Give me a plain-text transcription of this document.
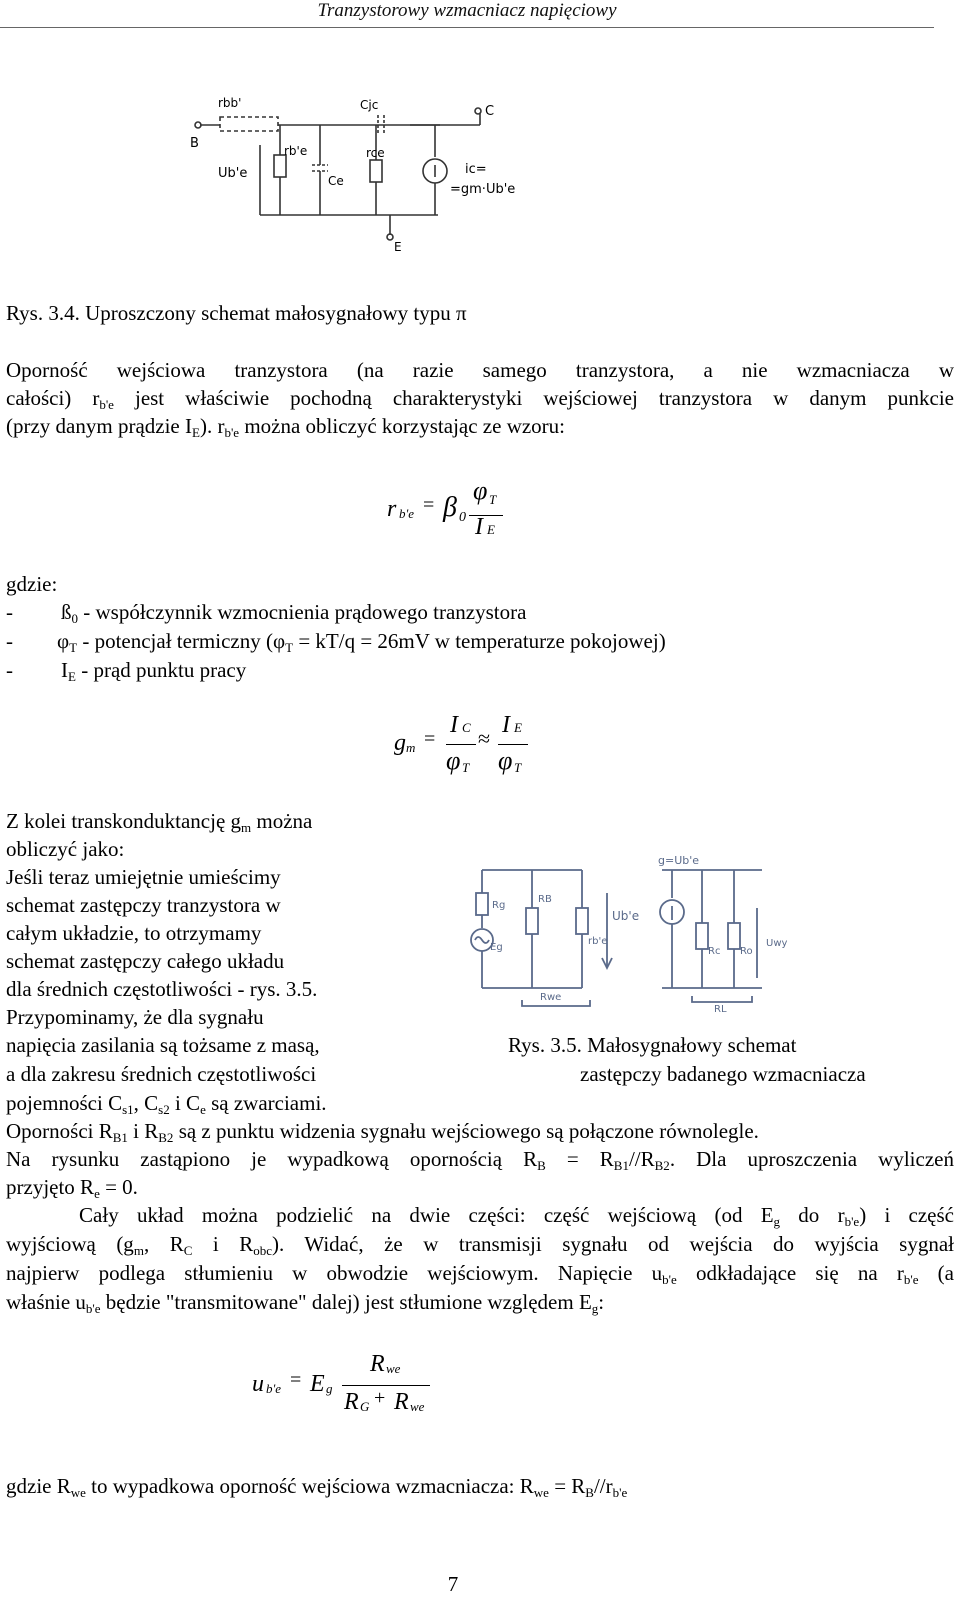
Tranzystorowy wzmacniacz napięciowy
rbb'
B
C
Cjc
Ub'e
rb'e
Ce
rce
ic=
=gm·Ub'e
E
Rys. 3.4. Uproszczony schemat małosygnałowy typu π
Oporność wejściowa tranzystora (na razie samego tranzystora, a nie wzmacniacza w
całości) $r_{b'e}$ jest właściwie pochodną charakterystyki wejściowej tranzystora w danym punkcie
(przy danym prądzie $I_E$). $r_{b'e}$ można obliczyć korzystając ze wzoru:
r b'e = β 0
φ T
I E
gdzie:
- $ß_0$ - współczynnik wzmocnienia prądowego tranzystora
- $\varphi_T$ - potencjał termiczny ($\varphi_T = kT/q = 26mV$ w temperaturze pokojowej)
- $I_E$ - prąd punktu pracy
g m =
I C
φ T
≈
I E
φ T
Z kolei transkonduktancję $g_m$ można
obliczyć jako:
Jeśli teraz umiejętnie umieścimy
schemat zastępczy tranzystora w
całym układzie, to otrzymamy
schemat zastępczy całego układu
dla średnich częstotliwości - rys. 3.5.
Przypominamy, że dla sygnału
napięcia zasilania są tożsame z masą,
a dla zakresu średnich częstotliwości
pojemności $C_{s1}$, $C_{s2}$ i $C_e$ są zwarciami.
Rg
Eg
RB
rb'e
Ub'e
g=Ub'e
Rc Ro
Uwy
Rwe
RL
Rys. 3.5. Małosygnałowy schemat
zastępczy badanego wzmacniacza
Oporności $R_{B1}$ i $R_{B2}$ są z punktu widzenia sygnału wejściowego są połączone równolegle.
Na rysunku zastąpiono je wypadkową opornością $R_B = R_{B1}//R_{B2}$. Dla uproszczenia wyliczeń
przyjęto $R_e = 0$.
Cały układ można podzielić na dwie części: część wejściową (od $E_g$ do $r_{b'e}$) i część
wyjściową ($g_m$, $R_C$ i $R_{obc}$). Widać, że w transmisji sygnału od wejścia do wyjścia sygnał
najpierw podlega stłumieniu w obwodzie wejściowym. Napięcie $u_{b'e}$ odkładające się na $r_{b'e}$ (a
właśnie $u_{b'e}$ będzie "transmitowane" dalej) jest stłumione względem $E_g$:
u b'e = E g
R we
R G + R we
gdzie $R_{we}$ to wypadkowa oporność wejściowa wzmacniacza: $R_{we} = R_B//r_{b'e}$
7
